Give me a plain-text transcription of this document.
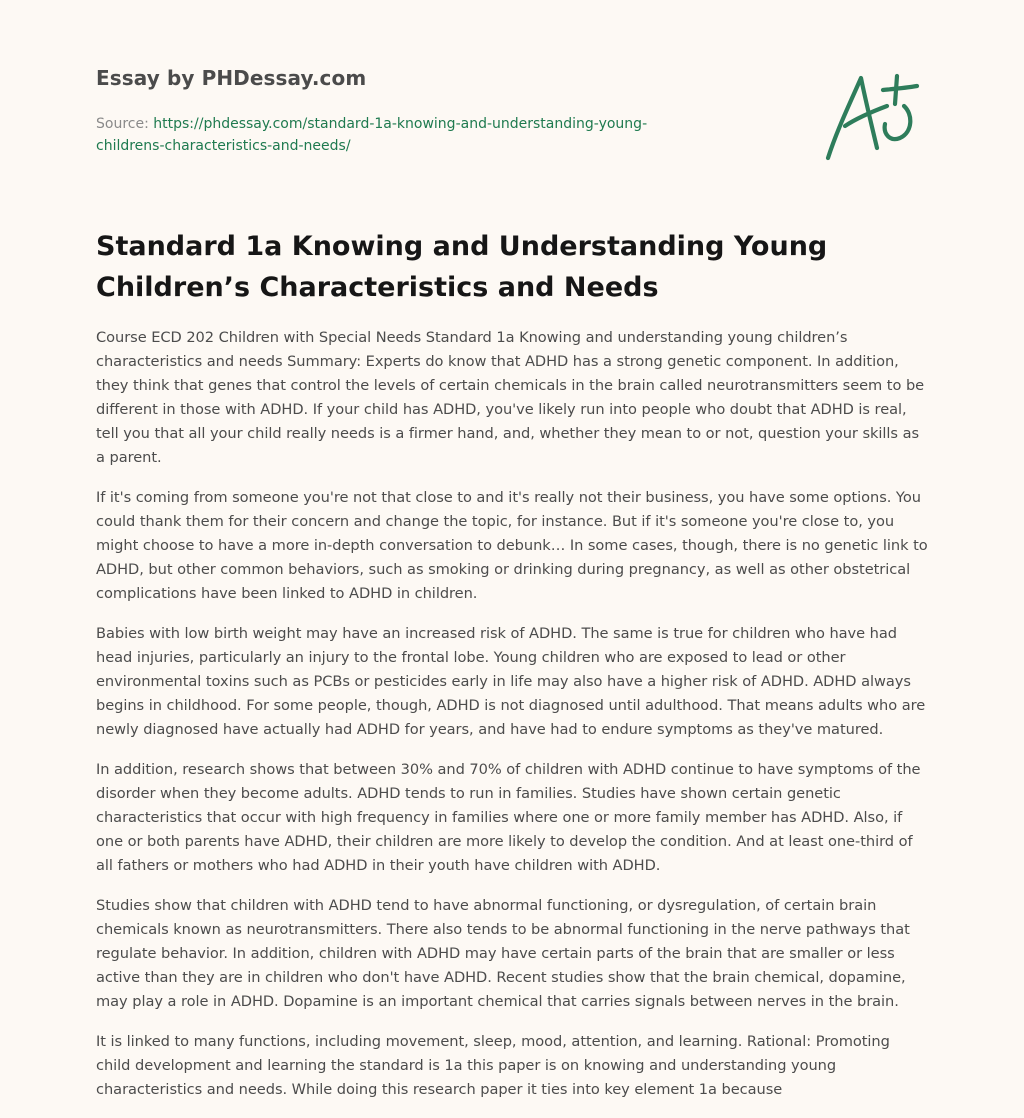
Essay by PHDessay.com
Source: https://phdessay.com/standard-1a-knowing-and-understanding-young-
childrens-characteristics-and-needs/
Standard 1a Knowing and Understanding Young Children’s Characteristics and Needs

Course ECD 202 Children with Special Needs Standard 1a Knowing and understanding young children’s characteristics and needs Summary: Experts do know that ADHD has a strong genetic component. In addition, they think that genes that control the levels of certain chemicals in the brain called neurotransmitters seem to be different in those with ADHD. If your child has ADHD, you've likely run into people who doubt that ADHD is real, tell you that all your child really needs is a firmer hand, and, whether they mean to or not, question your skills as a parent.

If it's coming from someone you're not that close to and it's really not their business, you have some options. You could thank them for their concern and change the topic, for instance. But if it's someone you're close to, you might choose to have a more in-depth conversation to debunk… In some cases, though, there is no genetic link to ADHD, but other common behaviors, such as smoking or drinking during pregnancy, as well as other obstetrical complications have been linked to ADHD in children.

Babies with low birth weight may have an increased risk of ADHD. The same is true for children who have had head injuries, particularly an injury to the frontal lobe. Young children who are exposed to lead or other environmental toxins such as PCBs or pesticides early in life may also have a higher risk of ADHD. ADHD always begins in childhood. For some people, though, ADHD is not diagnosed until adulthood. That means adults who are newly diagnosed have actually had ADHD for years, and have had to endure symptoms as they've matured.

In addition, research shows that between 30% and 70% of children with ADHD continue to have symptoms of the disorder when they become adults. ADHD tends to run in families. Studies have shown certain genetic characteristics that occur with high frequency in families where one or more family member has ADHD. Also, if one or both parents have ADHD, their children are more likely to develop the condition. And at least one-third of all fathers or mothers who had ADHD in their youth have children with ADHD.

Studies show that children with ADHD tend to have abnormal functioning, or dysregulation, of certain brain chemicals known as neurotransmitters. There also tends to be abnormal functioning in the nerve pathways that regulate behavior. In addition, children with ADHD may have certain parts of the brain that are smaller or less active than they are in children who don't have ADHD. Recent studies show that the brain chemical, dopamine, may play a role in ADHD. Dopamine is an important chemical that carries signals between nerves in the brain.

It is linked to many functions, including movement, sleep, mood, attention, and learning. Rational: Promoting child development and learning the standard is 1a this paper is on knowing and understanding young characteristics and needs. While doing this research paper it ties into key element 1a because
